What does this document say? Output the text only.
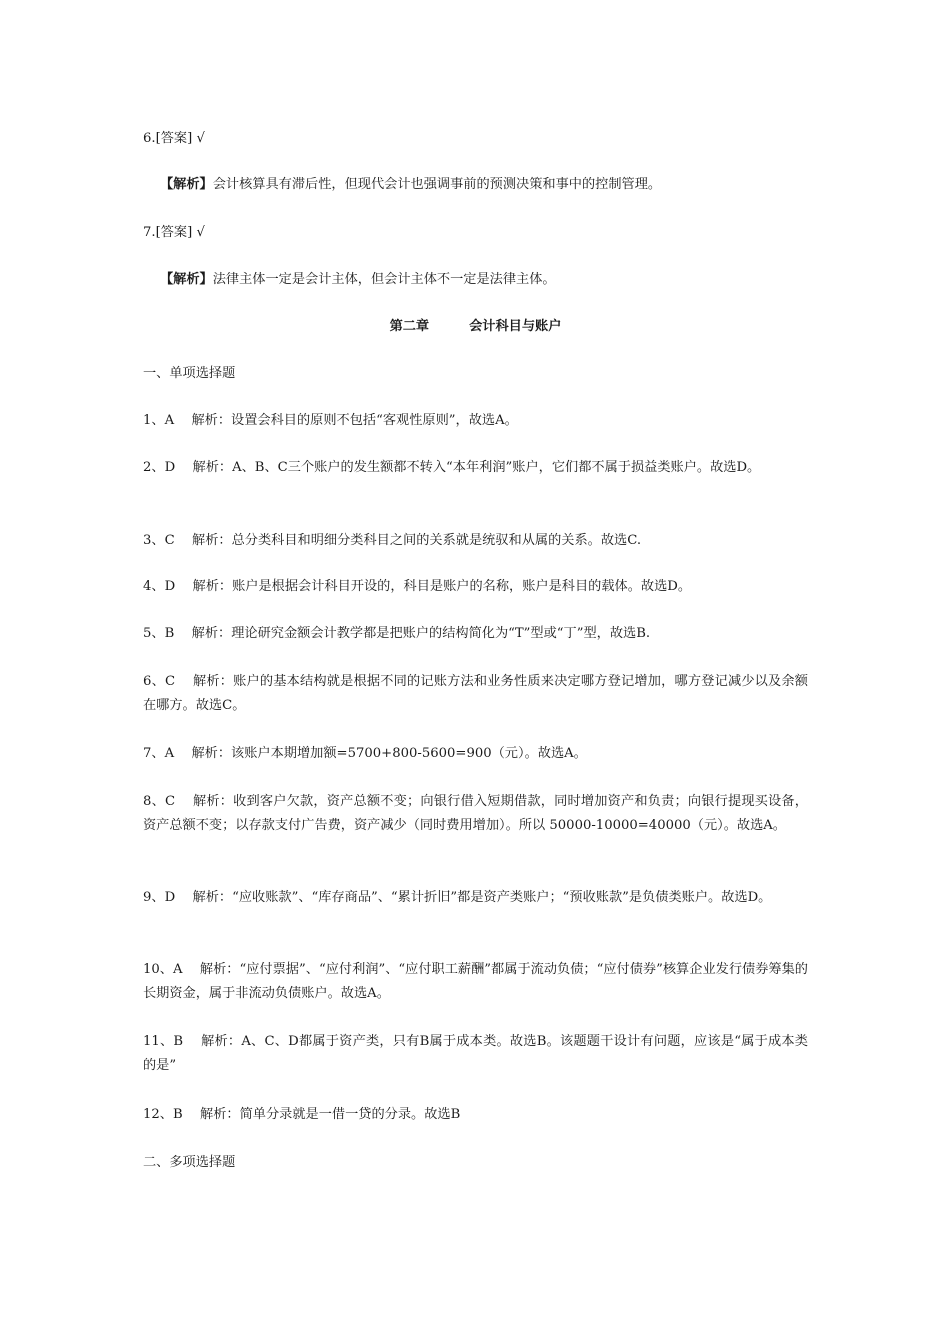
6.[答案] √

【解析】会计核算具有滞后性，但现代会计也强调事前的预测决策和事中的控制管理。

7.[答案] √

【解析】法律主体一定是会计主体，但会计主体不一定是法律主体。

第二章	会计科目与账户

一、单项选择题

1、A　 解析：设置会科目的原则不包括“客观性原则”，故选A。

2、D　 解析：A、B、C三个账户的发生额都不转入“本年利润”账户，它们都不属于损益类账户。故选D。

3、C　 解析：总分类科目和明细分类科目之间的关系就是统驭和从属的关系。故选C.

4、D　 解析：账户是根据会计科目开设的，科目是账户的名称，账户是科目的载体。故选D。

5、B　 解析：理论研究金额会计教学都是把账户的结构简化为“T”型或“丁”型，故选B.

6、C　 解析：账户的基本结构就是根据不同的记账方法和业务性质来决定哪方登记增加，哪方登记减少以及余额在哪方。故选C。

7、A　 解析：该账户本期增加额=5700+800-5600=900（元）。故选A。

8、C　 解析：收到客户欠款，资产总额不变；向银行借入短期借款，同时增加资产和负责；向银行提现买设备，资产总额不变；以存款支付广告费，资产减少（同时费用增加）。所以 50000-10000=40000（元）。故选A。

9、D　 解析：“应收账款”、“库存商品”、“累计折旧”都是资产类账户；“预收账款”是负债类账户。故选D。

10、A　 解析：“应付票据”、“应付利润”、“应付职工薪酬”都属于流动负债；“应付债券”核算企业发行债券筹集的长期资金，属于非流动负债账户。故选A。

11、B　 解析：A、C、D都属于资产类，只有B属于成本类。故选B。该题题干设计有问题，应该是“属于成本类的是”

12、B　 解析：简单分录就是一借一贷的分录。故选B

二、多项选择题
